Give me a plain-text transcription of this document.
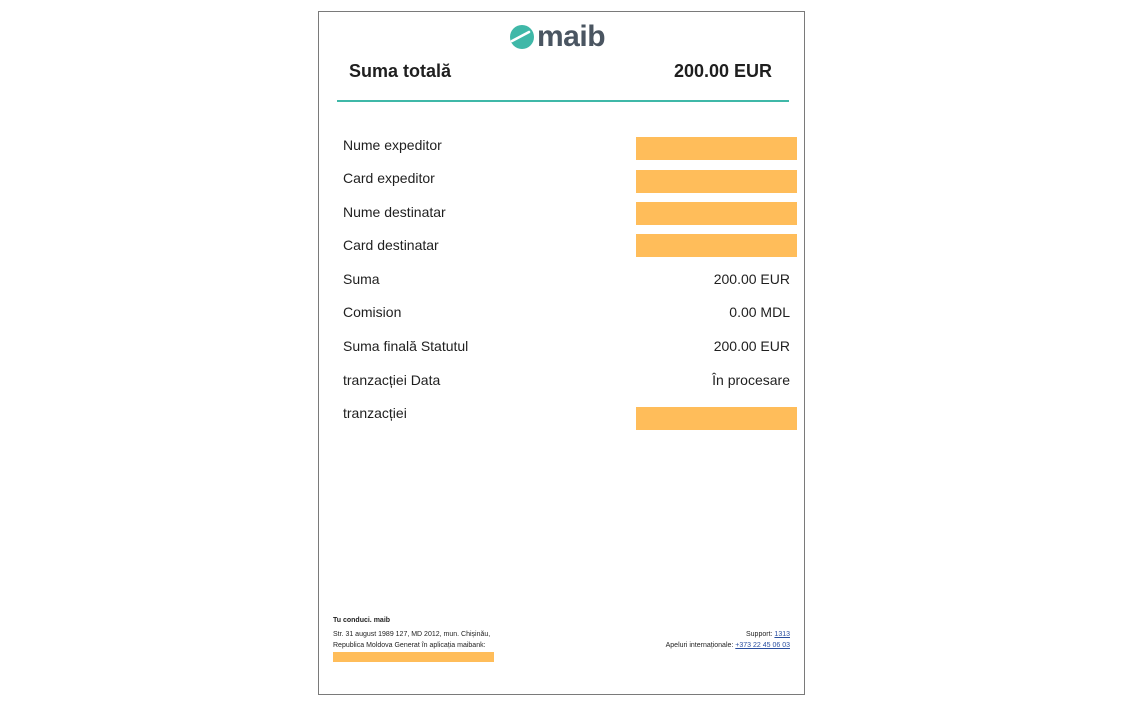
maib
Suma totală	200.00 EUR
Nume expeditor
Card expeditor
Nume destinatar
Card destinatar
Suma	200.00 EUR
Comision	0.00 MDL
Suma finală Statutul	200.00 EUR
tranzacției Data	În procesare
tranzacției
Tu conduci. maib
Str. 31 august 1989 127, MD 2012, mun. Chișinău,
Republica Moldova Generat în aplicația maibank:
Support: 1313
Apeluri internaționale: +373 22 45 06 03
